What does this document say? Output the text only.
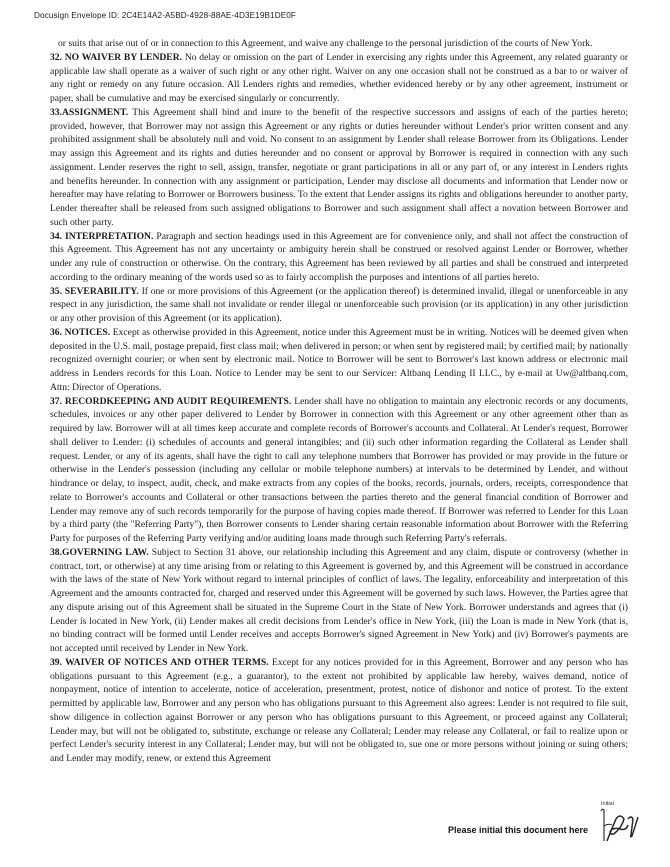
Docusign Envelope ID: 2C4E14A2-A5BD-4928-88AE-4D3E19B1DE0F

or suits that arise out of or in connection to this Agreement, and waive any challenge to the personal jurisdiction of the courts of New York.

32. NO WAIVER BY LENDER. No delay or omission on the part of Lender in exercising any rights under this Agreement, any related guaranty or applicable law shall operate as a waiver of such right or any other right. Waiver on any one occasion shall not be construed as a bar to or waiver of any right or remedy on any future occasion. All Lenders rights and remedies, whether evidenced hereby or by any other agreement, instrument or paper, shall be cumulative and may be exercised singularly or concurrently.

33.ASSIGNMENT. This Agreement shall bind and inure to the benefit of the respective successors and assigns of each of the parties hereto; provided, however, that Borrower may not assign this Agreement or any rights or duties hereunder without Lender's prior written consent and any prohibited assignment shall be absolutely null and void. No consent to an assignment by Lender shall release Borrower from its Obligations. Lender may assign this Agreement and its rights and duties hereunder and no consent or approval by Borrower is required in connection with any such assignment. Lender reserves the right to sell, assign, transfer, negotiate or grant participations in all or any part of, or any interest in Lenders rights and benefits hereunder. In connection with any assignment or participation, Lender may disclose all documents and information that Lender now or hereafter may have relating to Borrower or Borrowers business. To the extent that Lender assigns its rights and obligations hereunder to another party, Lender thereafter shall be released from such assigned obligations to Borrower and such assignment shall affect a novation between Borrower and such other party.

34. INTERPRETATION. Paragraph and section headings used in this Agreement are for convenience only, and shall not affect the construction of this Agreement. This Agreement has not any uncertainty or ambiguity herein shall be construed or resolved against Lender or Borrower, whether under any rule of construction or otherwise. On the contrary, this Agreement has been reviewed by all parties and shall be construed and interpreted according to the ordinary meaning of the words used so as to fairly accomplish the purposes and intentions of all parties hereto.

35. SEVERABILITY. If one or more provisions of this Agreement (or the application thereof) is determined invalid, illegal or unenforceable in any respect in any jurisdiction, the same shall not invalidate or render illegal or unenforceable such provision (or its application) in any other jurisdiction or any other provision of this Agreement (or its application).

36. NOTICES. Except as otherwise provided in this Agreement, notice under this Agreement must be in writing. Notices will be deemed given when deposited in the U.S. mail, postage prepaid, first class mail; when delivered in person; or when sent by registered mail; by certified mail; by nationally recognized overnight courier; or when sent by electronic mail. Notice to Borrower will be sent to Borrower's last known address or electronic mail address in Lenders records for this Loan. Notice to Lender may be sent to our Servicer: Altbanq Lending II LLC., by e-mail at Uw@altbanq.com, Attn: Director of Operations.

37. RECORDKEEPING AND AUDIT REQUIREMENTS. Lender shall have no obligation to maintain any electronic records or any documents, schedules, invoices or any other paper delivered to Lender by Borrower in connection with this Agreement or any other agreement other than as required by law. Borrower will at all times keep accurate and complete records of Borrower's accounts and Collateral. At Lender's request, Borrower shall deliver to Lender: (i) schedules of accounts and general intangibles; and (ii) such other information regarding the Collateral as Lender shall request. Lender, or any of its agents, shall have the right to call any telephone numbers that Borrower has provided or may provide in the future or otherwise in the Lender's possession (including any cellular or mobile telephone numbers) at intervals to be determined by Lender, and without hindrance or delay, to inspect, audit, check, and make extracts from any copies of the books, records, journals, orders, receipts, correspondence that relate to Borrower's accounts and Collateral or other transactions between the parties thereto and the general financial condition of Borrower and Lender may remove any of such records temporarily for the purpose of having copies made thereof. If Borrower was referred to Lender for this Loan by a third party (the "Referring Party"), then Borrower consents to Lender sharing certain reasonable information about Borrower with the Referring Party for purposes of the Referring Party verifying and/or auditing loans made through such Referring Party's referrals.

38.GOVERNING LAW. Subject to Section 31 above, our relationship including this Agreement and any claim, dispute or controversy (whether in contract, tort, or otherwise) at any time arising from or relating to this Agreement is governed by, and this Agreement will be construed in accordance with the laws of the state of New York without regard to internal principles of conflict of laws. The legality, enforceability and interpretation of this Agreement and the amounts contracted for, charged and reserved under this Agreement will be governed by such laws. However, the Parties agree that any dispute arising out of this Agreement shall be situated in the Supreme Court in the State of New York. Borrower understands and agrees that (i) Lender is located in New York, (ii) Lender makes all credit decisions from Lender's office in New York, (iii) the Loan is made in New York (that is, no binding contract will be formed until Lender receives and accepts Borrower's signed Agreement in New York) and (iv) Borrower's payments are not accepted until received by Lender in New York.

39. WAIVER OF NOTICES AND OTHER TERMS. Except for any notices provided for in this Agreement, Borrower and any person who has obligations pursuant to this Agreement (e.g., a guarantor), to the extent not prohibited by applicable law hereby, waives demand, notice of nonpayment, notice of intention to accelerate, notice of acceleration, presentment, protest, notice of dishonor and notice of protest. To the extent permitted by applicable law, Borrower and any person who has obligations pursuant to this Agreement also agrees: Lender is not required to file suit, show diligence in collection against Borrower or any person who has obligations pursuant to this Agreement, or proceed against any Collateral; Lender may, but will not be obligated to, substitute, exchange or release any Collateral; Lender may release any Collateral, or fail to realize upon or perfect Lender's security interest in any Collateral; Lender may, but will not be obligated to, sue one or more persons without joining or suing others; and Lender may modify, renew, or extend this Agreement

Please initial this document here
Initial
